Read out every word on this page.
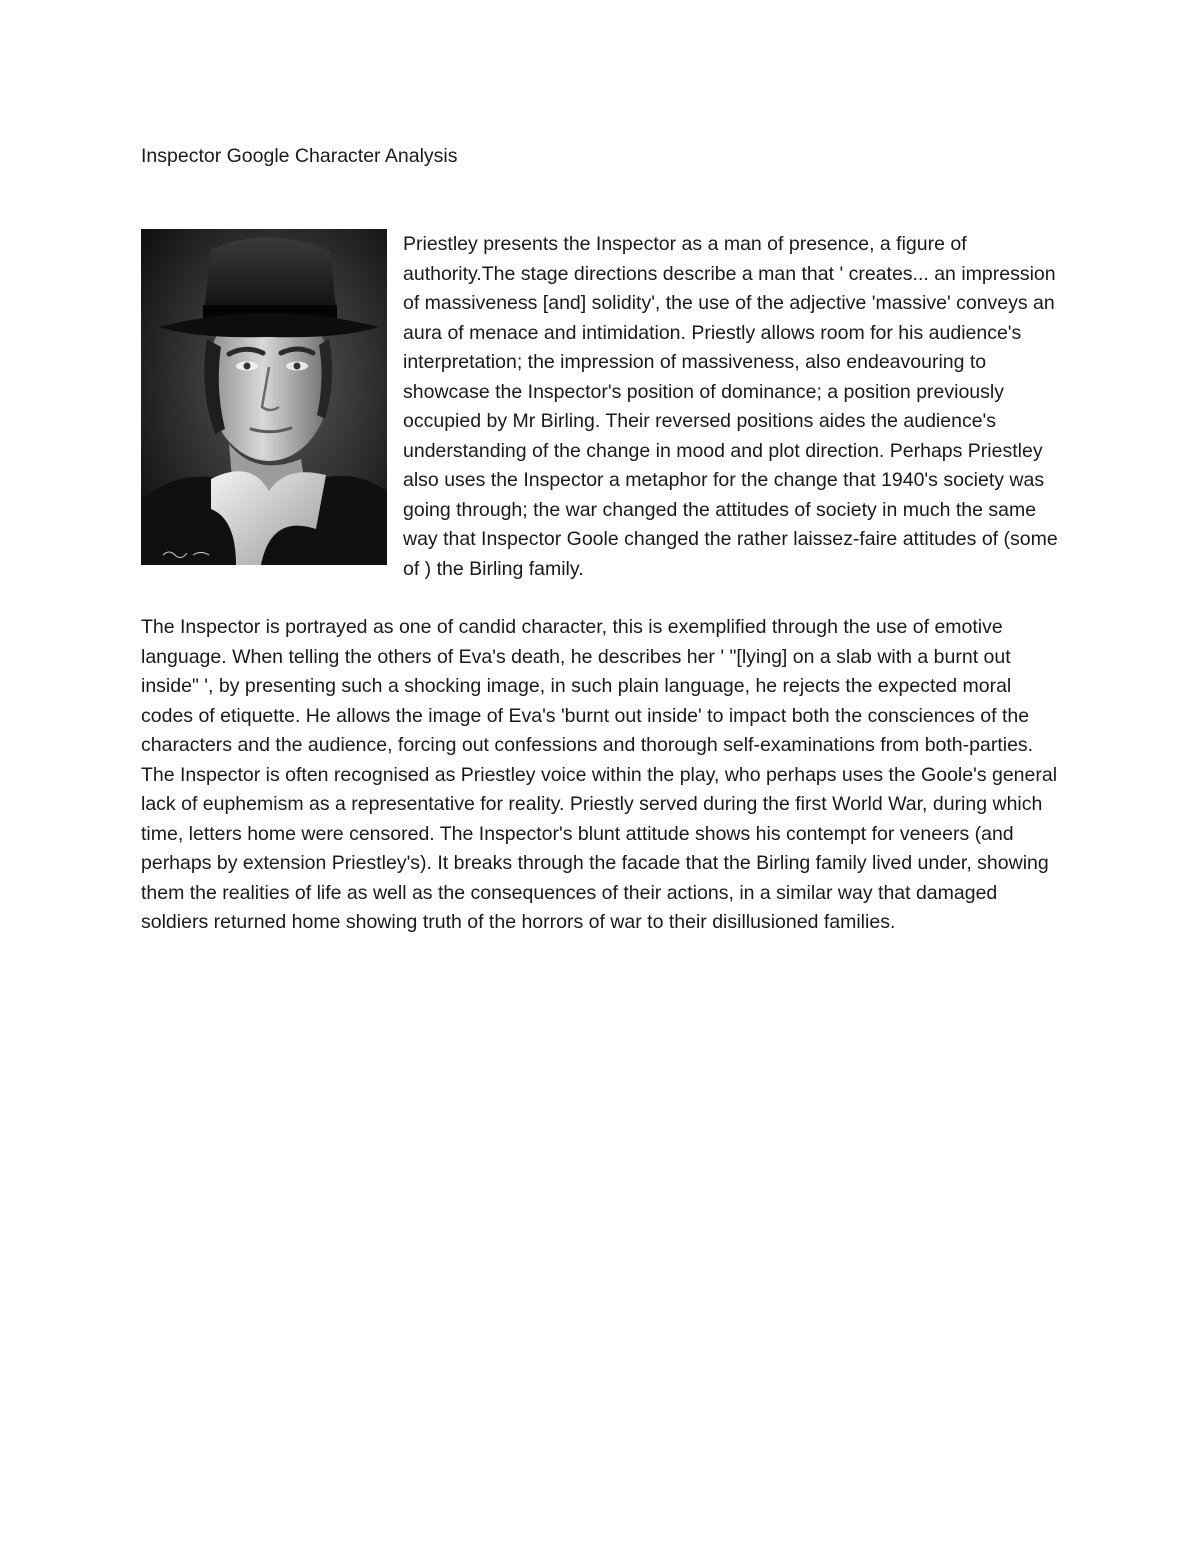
Inspector Google Character Analysis

Priestley presents the Inspector as a man of presence, a figure of authority.The stage directions describe a man that ' creates... an impression of massiveness [and] solidity', the use of the adjective 'massive' conveys an aura of menace and intimidation. Priestly allows room for his audience's interpretation; the impression of massiveness, also endeavouring to showcase the Inspector's position of dominance; a position previously occupied by Mr Birling. Their reversed positions aides the audience's understanding of the change in mood and plot direction. Perhaps Priestley also uses the Inspector a metaphor for the change that 1940's society was going through; the war changed the attitudes of society in much the same way that Inspector Goole changed the rather laissez-faire attitudes of (some of ) the Birling family.

The Inspector is portrayed as one of candid character, this is exemplified through the use of emotive language. When telling the others of Eva's death, he describes her ' "[lying] on a slab with a burnt out inside" ', by presenting such a shocking image, in such plain language, he rejects the expected moral codes of etiquette. He allows the image of Eva's 'burnt out inside' to impact both the consciences of the characters and the audience, forcing out confessions and thorough self-examinations from both-parties. The Inspector is often recognised as Priestley voice within the play, who perhaps uses the Goole's general lack of euphemism as a representative for reality. Priestly served during the first World War, during which time, letters home were censored. The Inspector's blunt attitude shows his contempt for veneers (and perhaps by extension Priestley's). It breaks through the facade that the Birling family lived under, showing them the realities of life as well as the consequences of their actions, in a similar way that damaged soldiers returned home showing truth of the horrors of war to their disillusioned families.
